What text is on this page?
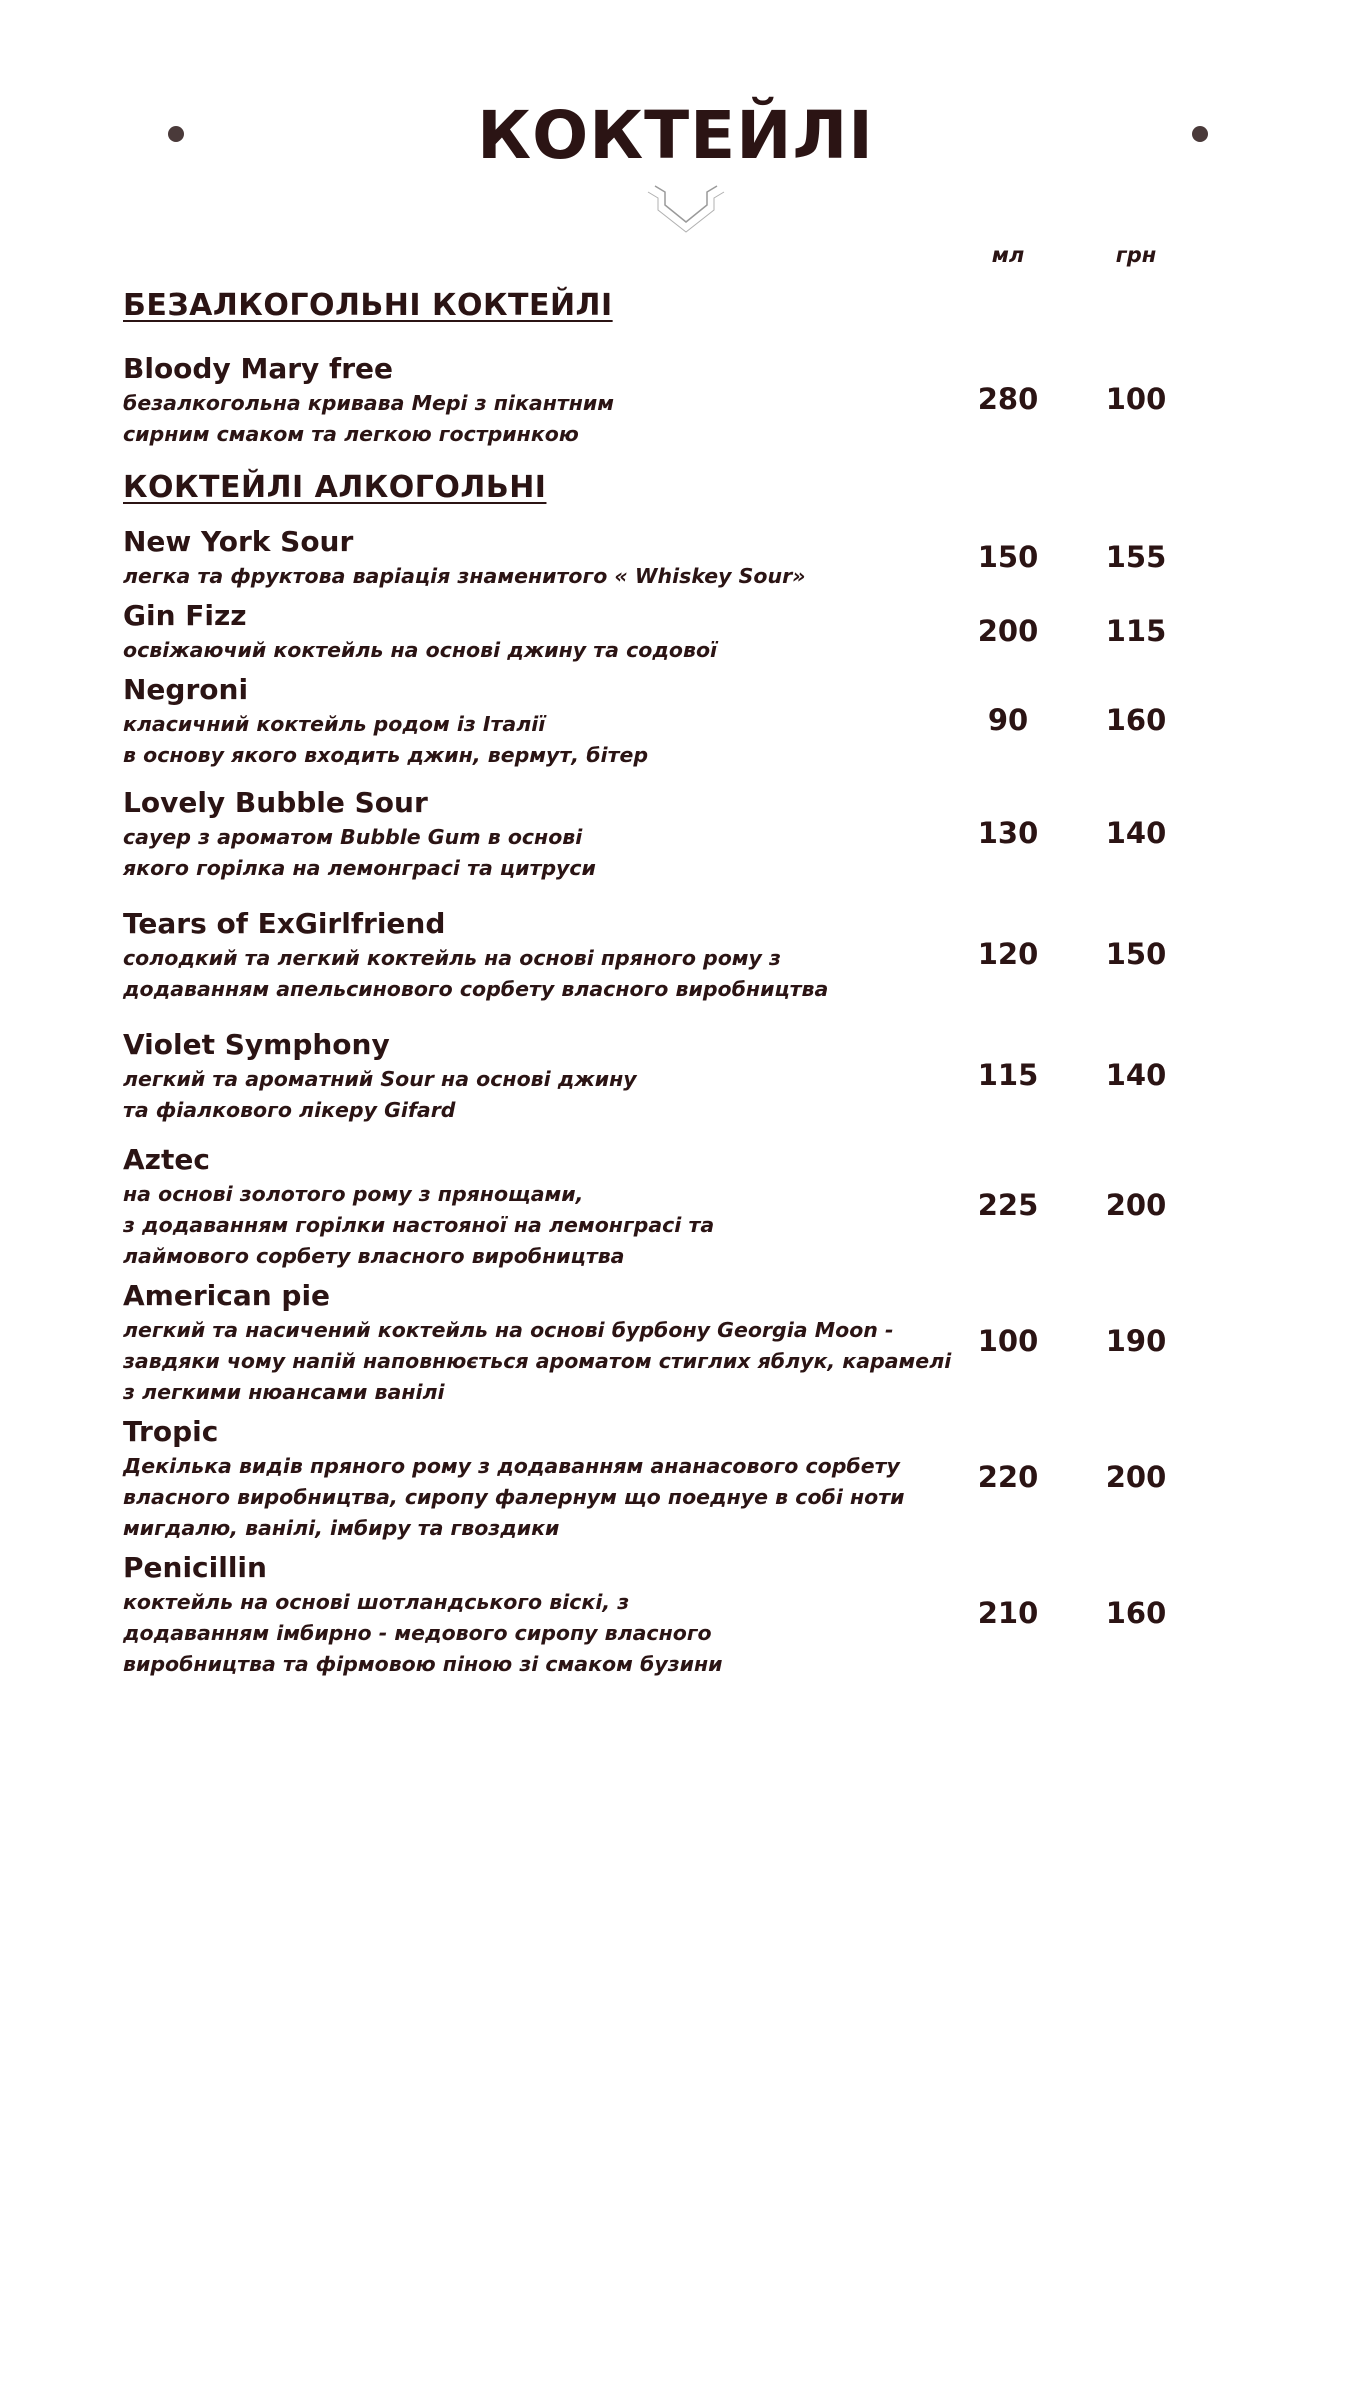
КОКТЕЙЛІ
мл	грн
БЕЗАЛКОГОЛЬНІ КОКТЕЙЛІ
Bloody Mary free
безалкогольна кривава Мері з пікантним
сирним смаком та легкою гостринкою
280	100
КОКТЕЙЛІ АЛКОГОЛЬНІ
New York Sour
легка та фруктова варіація знаменитого « Whiskey Sour»
150	155
Gin Fizz
освіжаючий коктейль на основі джину та содової
200	115
Negroni
класичний коктейль родом із Італії
в основу якого входить джин, вермут, бітер
90	160
Lovely Bubble Sour
сауер з ароматом Bubble Gum в основі
якого горілка на лемонграсі та цитруси
130	140
Tears of ExGirlfriend
солодкий та легкий коктейль на основі пряного рому з
додаванням апельсинового сорбету власного виробництва
120	150
Violet Symphony
легкий та ароматний Sour на основі джину
та фіалкового лікеру Gifard
115	140
Aztec
на основі золотого рому з прянощами,
з додаванням горілки настояної на лемонграсі та
лаймового сорбету власного виробництва
225	200
American pie
легкий та насичений коктейль на основі бурбону Georgia Moon -
завдяки чому напій наповнюється ароматом стиглих яблук, карамелі
з легкими нюансами ванілі
100	190
Tropic
Декілька видів пряного рому з додаванням ананасового сорбету
власного виробництва, сиропу фалернум що поеднуе в собі ноти
мигдалю, ванілі, імбиру та гвоздики
220	200
Penicillin
коктейль на основі шотландського віскі, з
додаванням імбирно - медового сиропу власного
виробництва та фірмовою піною зі смаком бузини
210	160
